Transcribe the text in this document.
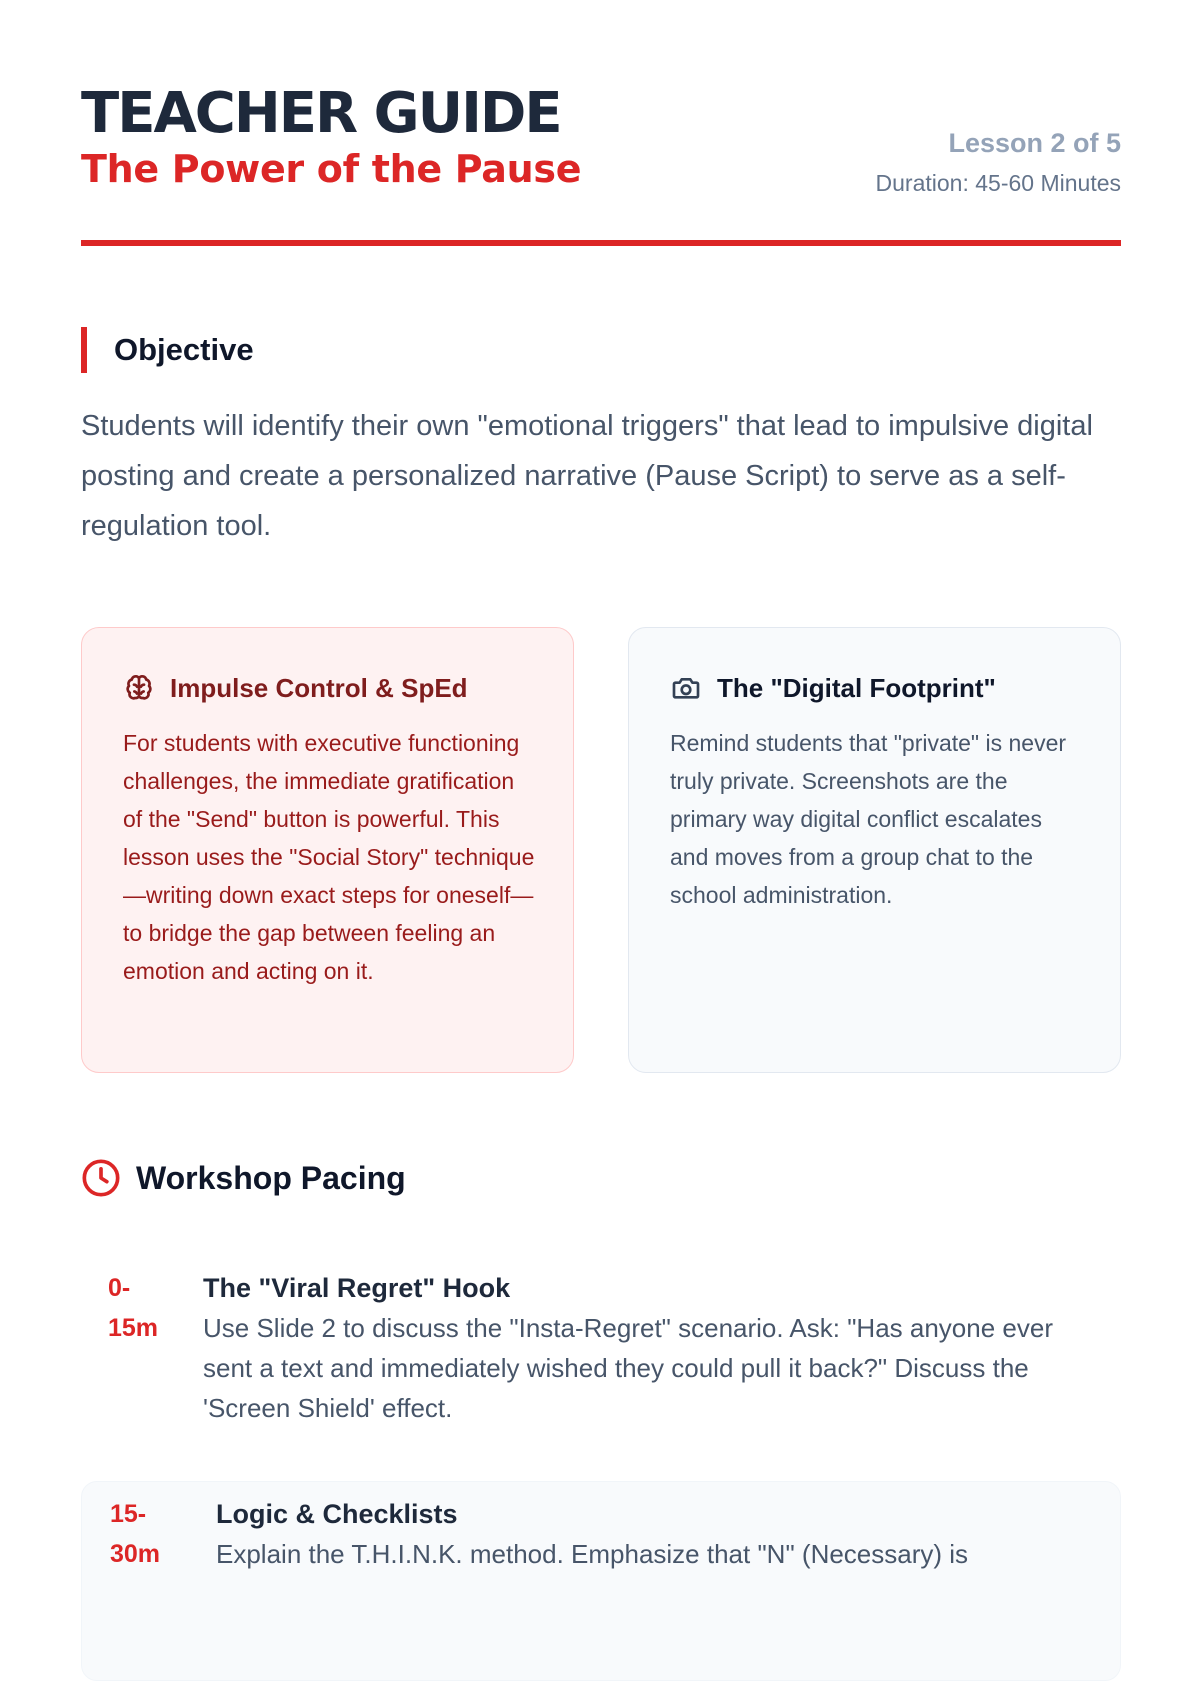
TEACHER GUIDE
The Power of the Pause
Lesson 2 of 5
Duration: 45-60 Minutes
Objective
Students will identify their own "emotional triggers" that lead to impulsive digital posting and create a personalized narrative (Pause Script) to serve as a self-regulation tool.
Impulse Control & SpEd
For students with executive functioning challenges, the immediate gratification of the "Send" button is powerful. This lesson uses the "Social Story" technique—writing down exact steps for oneself—to bridge the gap between feeling an emotion and acting on it.
The "Digital Footprint"
Remind students that "private" is never truly private. Screenshots are the primary way digital conflict escalates and moves from a group chat to the school administration.
Workshop Pacing
0-15m
The "Viral Regret" Hook
Use Slide 2 to discuss the "Insta-Regret" scenario. Ask: "Has anyone ever sent a text and immediately wished they could pull it back?" Discuss the 'Screen Shield' effect.
15-30m
Logic & Checklists
Explain the T.H.I.N.K. method. Emphasize that "N" (Necessary) is
